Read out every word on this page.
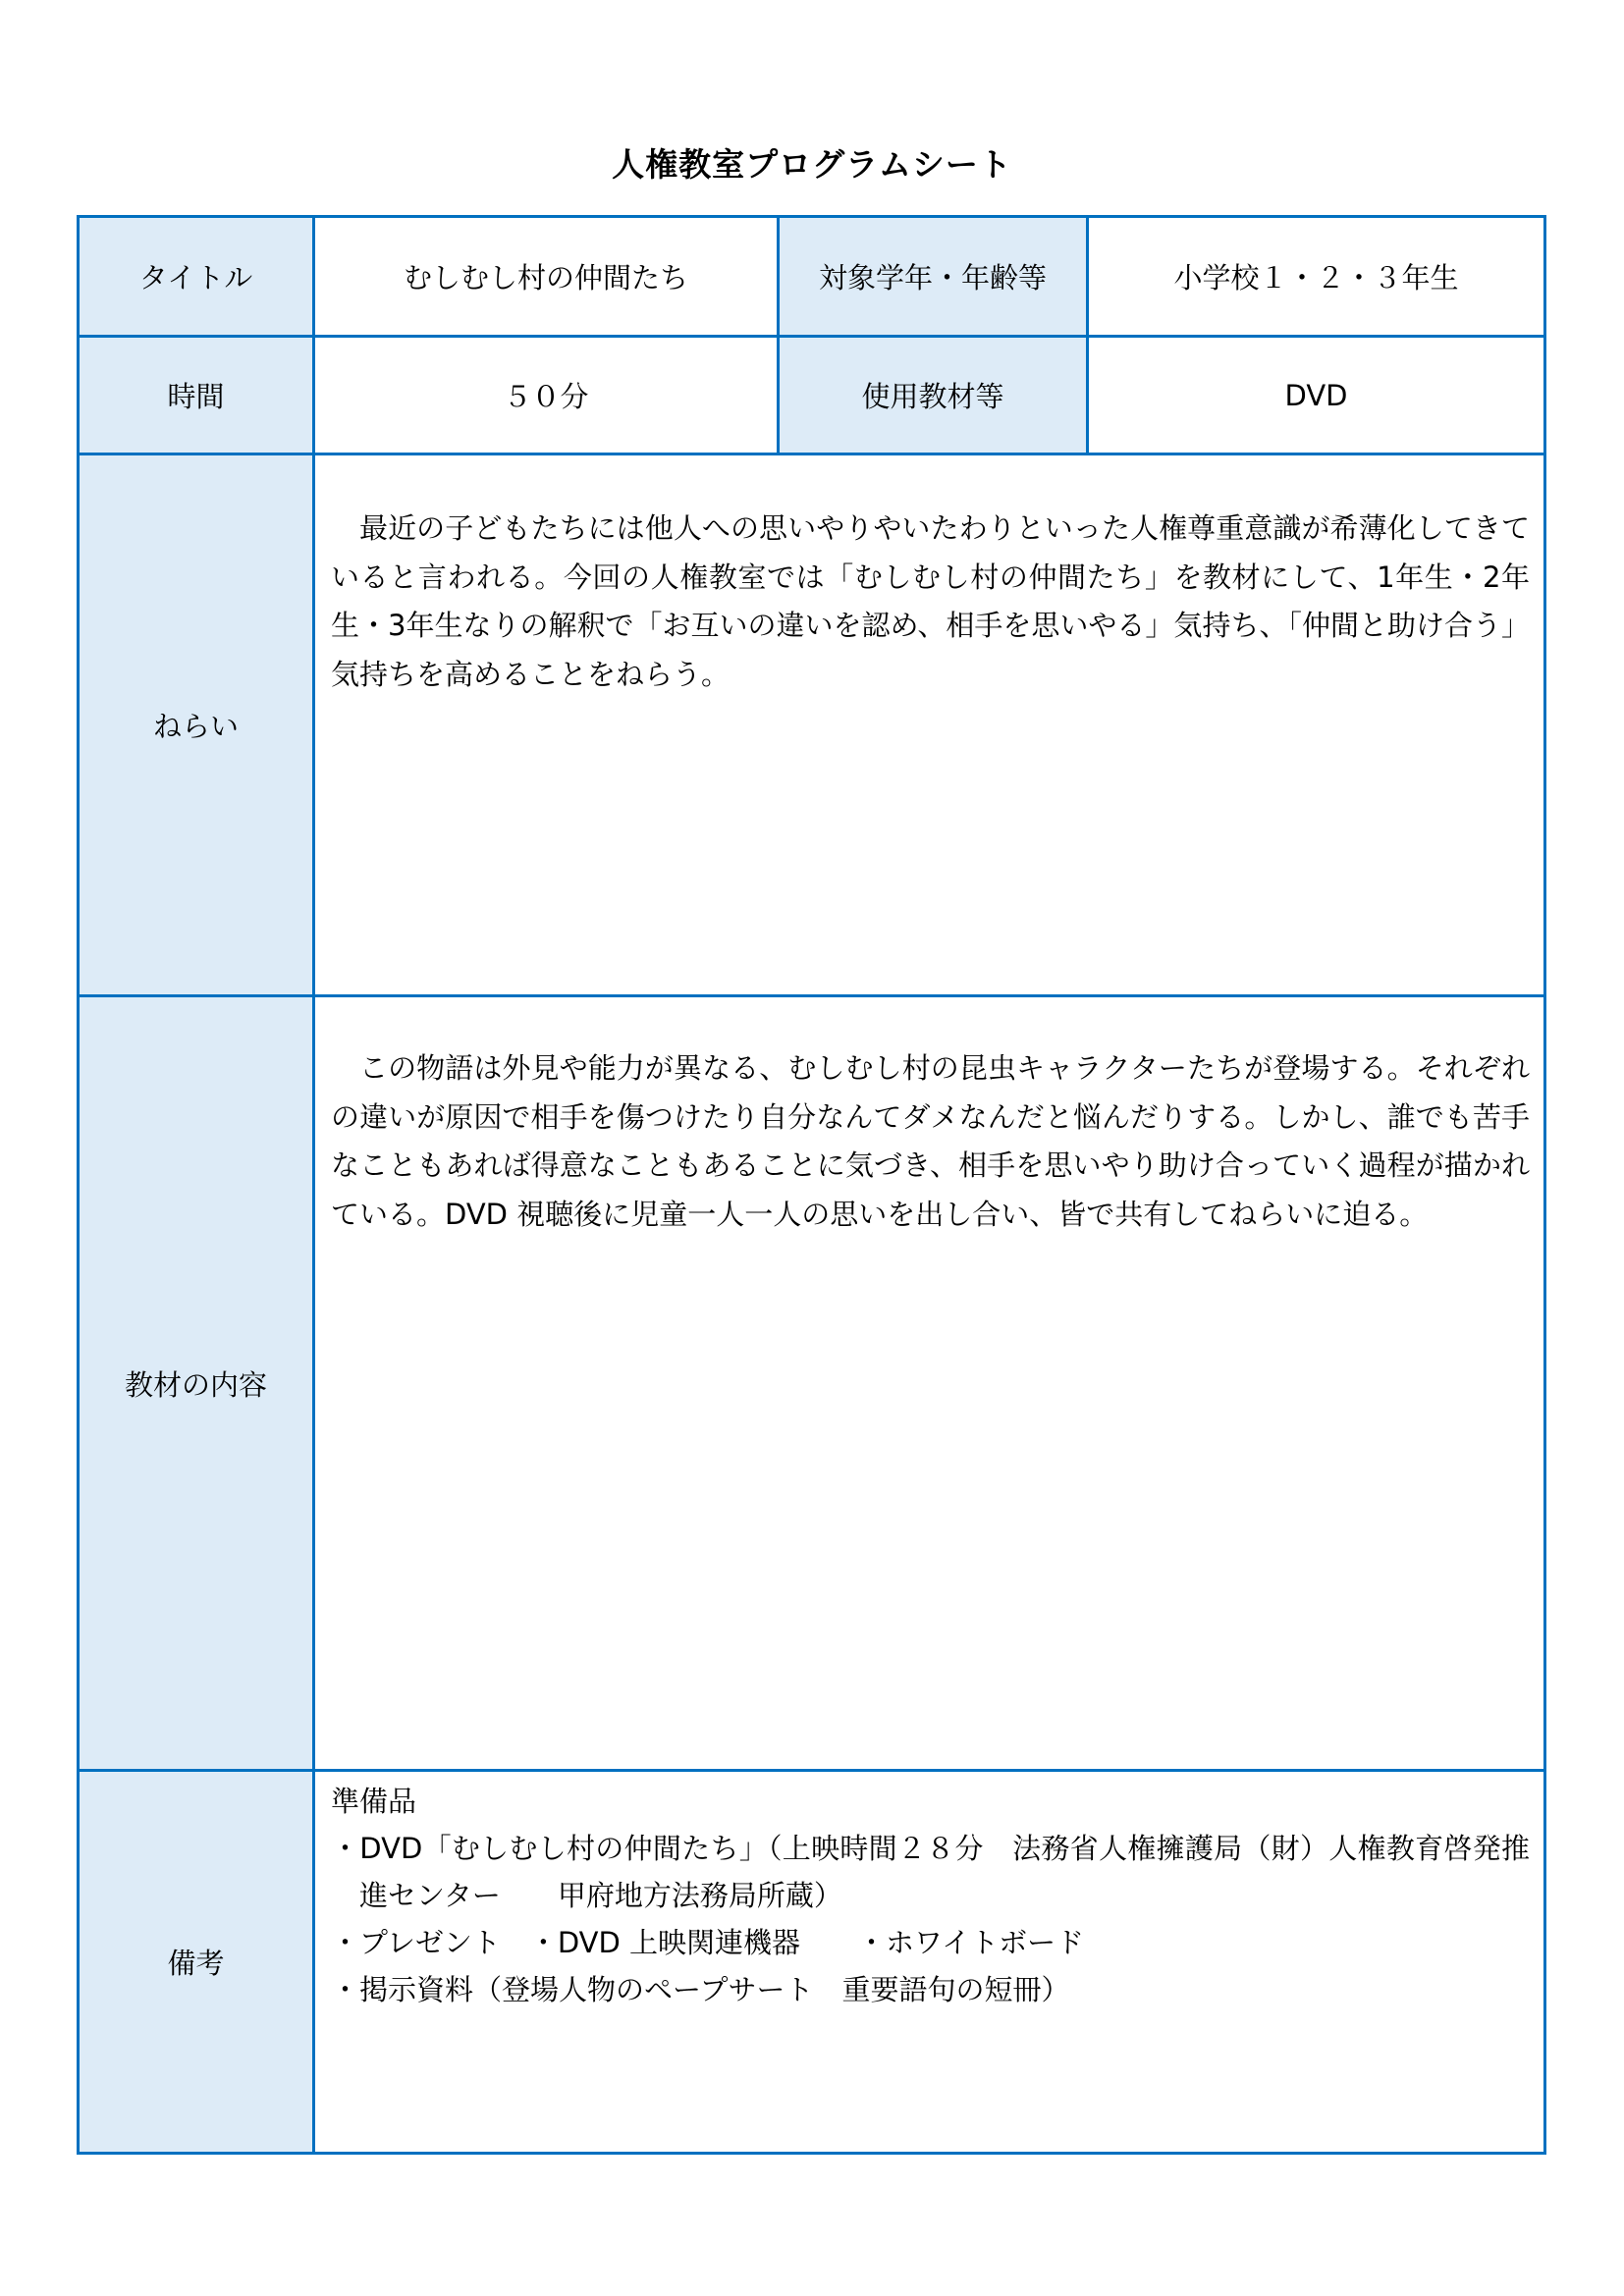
人権教室プログラムシート
タイトル	むしむし村の仲間たち	対象学年・年齢等	小学校１・２・３年生
時間	５０分	使用教材等	DVD
ねらい

最近の子どもたちには他人への思いやりやいたわりといった人権尊重意識が希薄化してきていると言われる。今回の人権教室では「むしむし村の仲間たち」を教材にして、1年生・2年生・3年生なりの解釈で「お互いの違いを認め、相手を思いやる」気持ち、「仲間と助け合う」気持ちを高めることをねらう。

教材の内容

この物語は外見や能力が異なる、むしむし村の昆虫キャラクターたちが登場する。それぞれの違いが原因で相手を傷つけたり自分なんてダメなんだと悩んだりする。しかし、誰でも苦手なこともあれば得意なこともあることに気づき、相手を思いやり助け合っていく過程が描かれている。DVD 視聴後に児童一人一人の思いを出し合い、皆で共有してねらいに迫る。

備考

準備品

・DVD「むしむし村の仲間たち」（上映時間２８分　法務省人権擁護局（財）人権教育啓発推進センター　　甲府地方法務局所蔵）

・プレゼント　・DVD 上映関連機器　　・ホワイトボード

・掲示資料（登場人物のペープサート　重要語句の短冊）
